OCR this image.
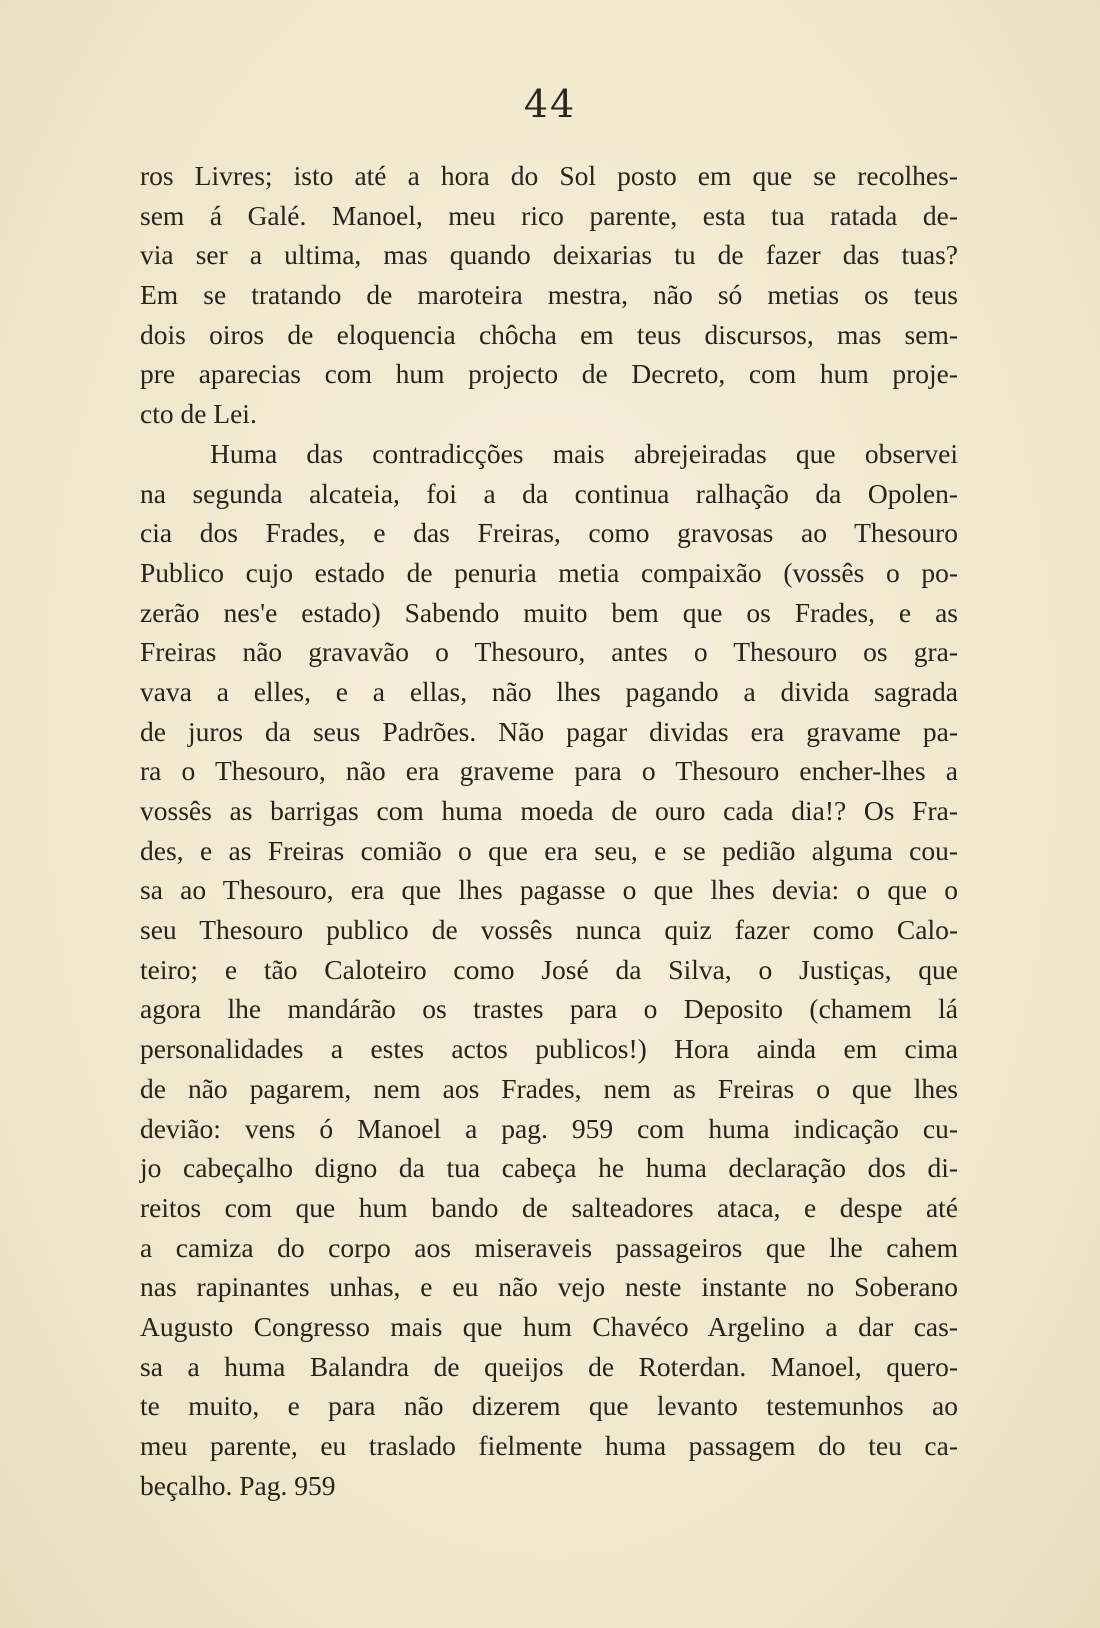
44
ros Livres; isto até a hora do Sol posto em que se recolhes-
sem á Galé. Manoel, meu rico parente, esta tua ratada de-
via ser a ultima, mas quando deixarias tu de fazer das tuas?
Em se tratando de maroteira mestra, não só metias os teus
dois oiros de eloquencia chôcha em teus discursos, mas sem-
pre aparecias com hum projecto de Decreto, com hum proje-
cto de Lei.
Huma das contradicções mais abrejeiradas que observei
na segunda alcateia, foi a da continua ralhação da Opolen-
cia dos Frades, e das Freiras, como gravosas ao Thesouro
Publico cujo estado de penuria metia compaixão (vossês o po-
zerão nes'e estado) Sabendo muito bem que os Frades, e as
Freiras não gravavão o Thesouro, antes o Thesouro os gra-
vava a elles, e a ellas, não lhes pagando a divida sagrada
de juros da seus Padrões. Não pagar dividas era gravame pa-
ra o Thesouro, não era graveme para o Thesouro encher-lhes a
vossês as barrigas com huma moeda de ouro cada dia!? Os Fra-
des, e as Freiras comião o que era seu, e se pedião alguma cou-
sa ao Thesouro, era que lhes pagasse o que lhes devia: o que o
seu Thesouro publico de vossês nunca quiz fazer como Calo-
teiro; e tão Caloteiro como José da Silva, o Justiças, que
agora lhe mandárão os trastes para o Deposito (chamem lá
personalidades a estes actos publicos!) Hora ainda em cima
de não pagarem, nem aos Frades, nem as Freiras o que lhes
devião: vens ó Manoel a pag. 959 com huma indicação cu-
jo cabeçalho digno da tua cabeça he huma declaração dos di-
reitos com que hum bando de salteadores ataca, e despe até
a camiza do corpo aos miseraveis passageiros que lhe cahem
nas rapinantes unhas, e eu não vejo neste instante no Soberano
Augusto Congresso mais que hum Chavéco Argelino a dar cas-
sa a huma Balandra de queijos de Roterdan. Manoel, quero-
te muito, e para não dizerem que levanto testemunhos ao
meu parente, eu traslado fielmente huma passagem do teu ca-
beçalho. Pag. 959
